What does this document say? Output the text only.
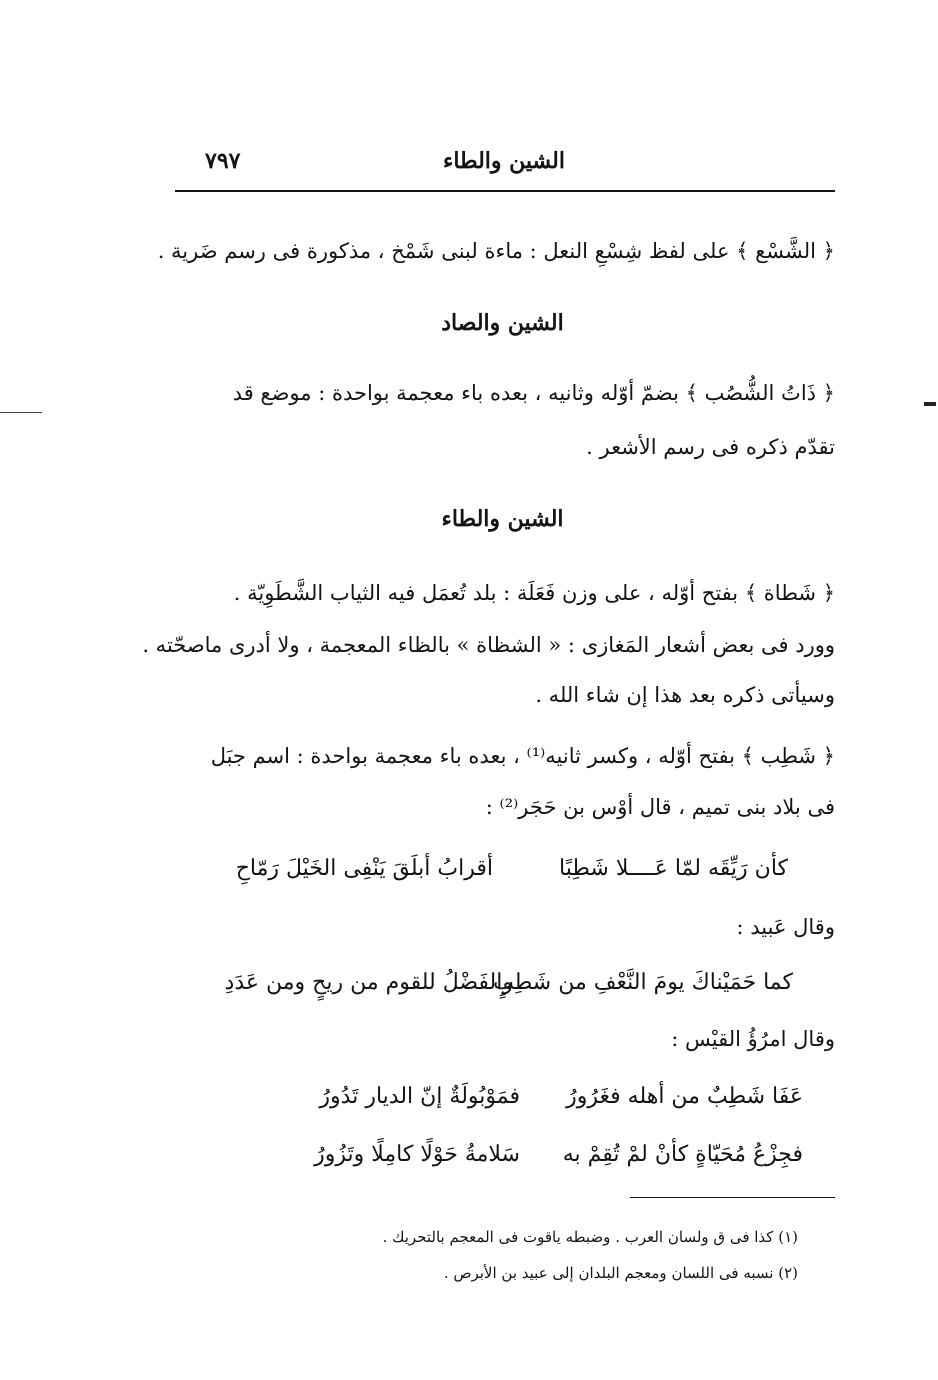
الشين والطاء
٧٩٧
﴿ الشَّسْع ﴾ على لفظ شِسْعِ النعل : ماءة لبنى شَمْخ ، مذكورة فى رسم ضَرية .
الشين والصاد
﴿ ذَاتُ الشُّصُب ﴾ بضمّ أوّله وثانيه ، بعده باء معجمة بواحدة : موضع قد
تقدّم ذكره فى رسم الأشعر .
الشين والطاء
﴿ شَطاة ﴾ بفتح أوّله ، على وزن فَعَلَة : بلد تُعمَل فيه الثياب الشَّطَوِيّة .
وورد فى بعض أشعار المَغازى : « الشظاة » بالظاء المعجمة ، ولا أدرى ماصحّته .
وسيأتى ذكره بعد هذا إن شاء الله .
﴿ شَطِب ﴾ بفتح أوّله ، وكسر ثانيه⁽¹⁾ ، بعده باء معجمة بواحدة : اسم جبَل
فى بلاد بنى تميم ، قال أوْس بن حَجَر⁽²⁾ :
كأن رَيِّقَه لمّا عَــــلا شَطِبًا
أقرابُ أبلَقَ يَنْفِى الخَيْلَ رَمّاحِ
وقال عَبيد :
كما حَمَيْناكَ يومَ النَّعْفِ من شَطِبٍ
والفَضْلُ للقوم من ريحٍ ومن عَدَدِ
وقال امرُؤُ القيْس :
عَفَا شَطِبٌ من أهله فغَرُورُ
فمَوْبُولَةٌ إنّ الديار تَدُورُ
فجِزْعُ مُحَيّاةٍ كأنْ لمْ تُقِمْ به
سَلامةُ حَوْلًا كامِلًا وتَزُورُ
(١) كذا فى ق ولسان العرب . وضبطه ياقوت فى المعجم بالتحريك .
(٢) نسبه فى اللسان ومعجم البلدان إلى عبيد بن الأبرص .
